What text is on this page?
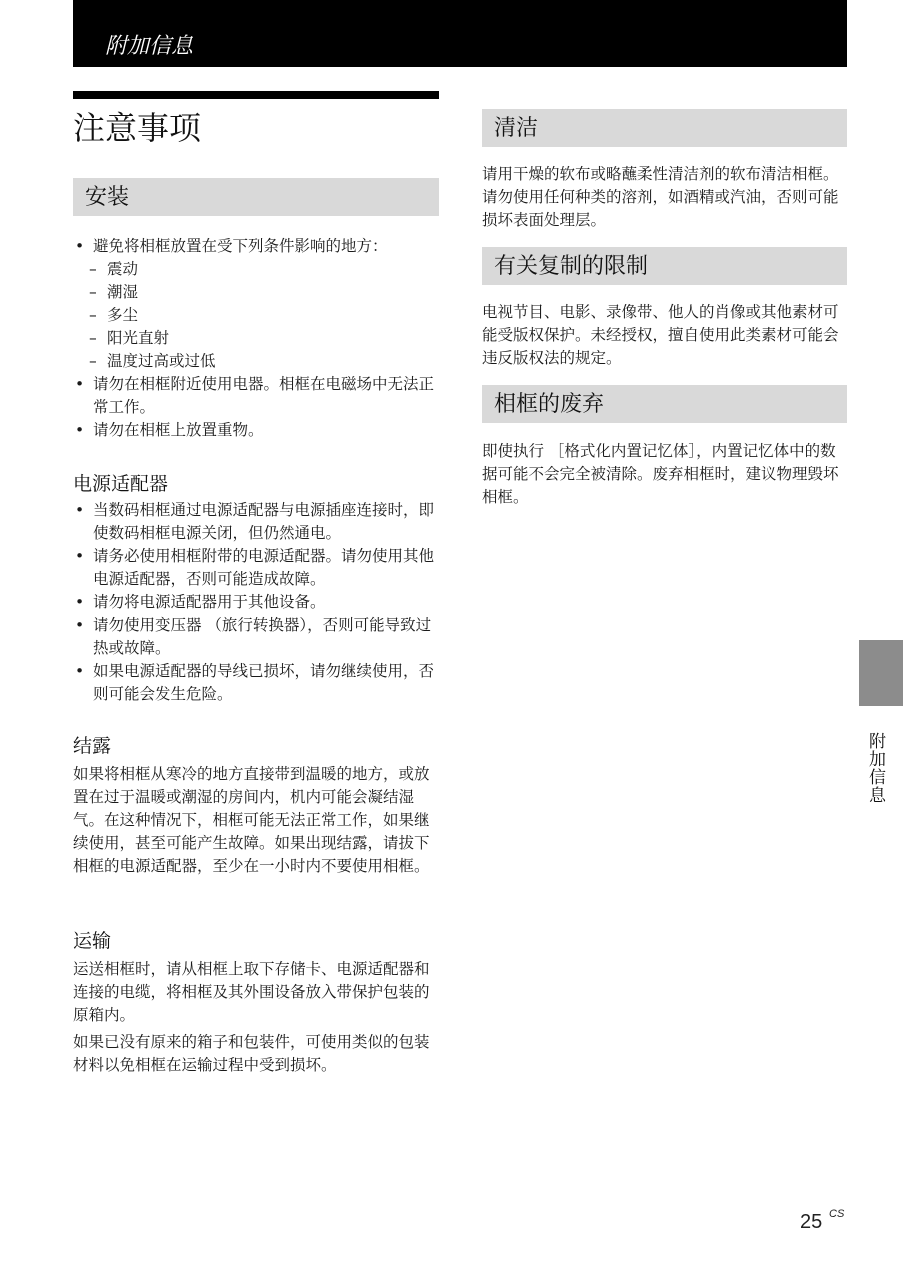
附加信息
注意事项
安装
• 避免将相框放置在受下列条件影响的地方：
– 震动
– 潮湿
– 多尘
– 阳光直射
– 温度过高或过低
• 请勿在相框附近使用电器。相框在电磁场中无法正常工作。
• 请勿在相框上放置重物。
电源适配器
• 当数码相框通过电源适配器与电源插座连接时，即使数码相框电源关闭，但仍然通电。
• 请务必使用相框附带的电源适配器。请勿使用其他电源适配器，否则可能造成故障。
• 请勿将电源适配器用于其他设备。
• 请勿使用变压器 （旅行转换器），否则可能导致过热或故障。
• 如果电源适配器的导线已损坏，请勿继续使用，否则可能会发生危险。
结露
如果将相框从寒冷的地方直接带到温暖的地方，或放置在过于温暖或潮湿的房间内，机内可能会凝结湿气。在这种情况下，相框可能无法正常工作，如果继续使用，甚至可能产生故障。如果出现结露，请拔下相框的电源适配器，至少在一小时内不要使用相框。
运输

运送相框时，请从相框上取下存储卡、电源适配器和连接的电缆，将相框及其外围设备放入带保护包装的原箱内。

如果已没有原来的箱子和包装件，可使用类似的包装材料以免相框在运输过程中受到损坏。

清洁
请用干燥的软布或略蘸柔性清洁剂的软布清洁相框。请勿使用任何种类的溶剂，如酒精或汽油，否则可能损坏表面处理层。
有关复制的限制
电视节目、电影、录像带、他人的肖像或其他素材可能受版权保护。未经授权，擅自使用此类素材可能会违反版权法的规定。
相框的废弃
即使执行 ［格式化内置记忆体］，内置记忆体中的数据可能不会完全被清除。废弃相框时，建议物理毁坏相框。
附加信息
25 CS
